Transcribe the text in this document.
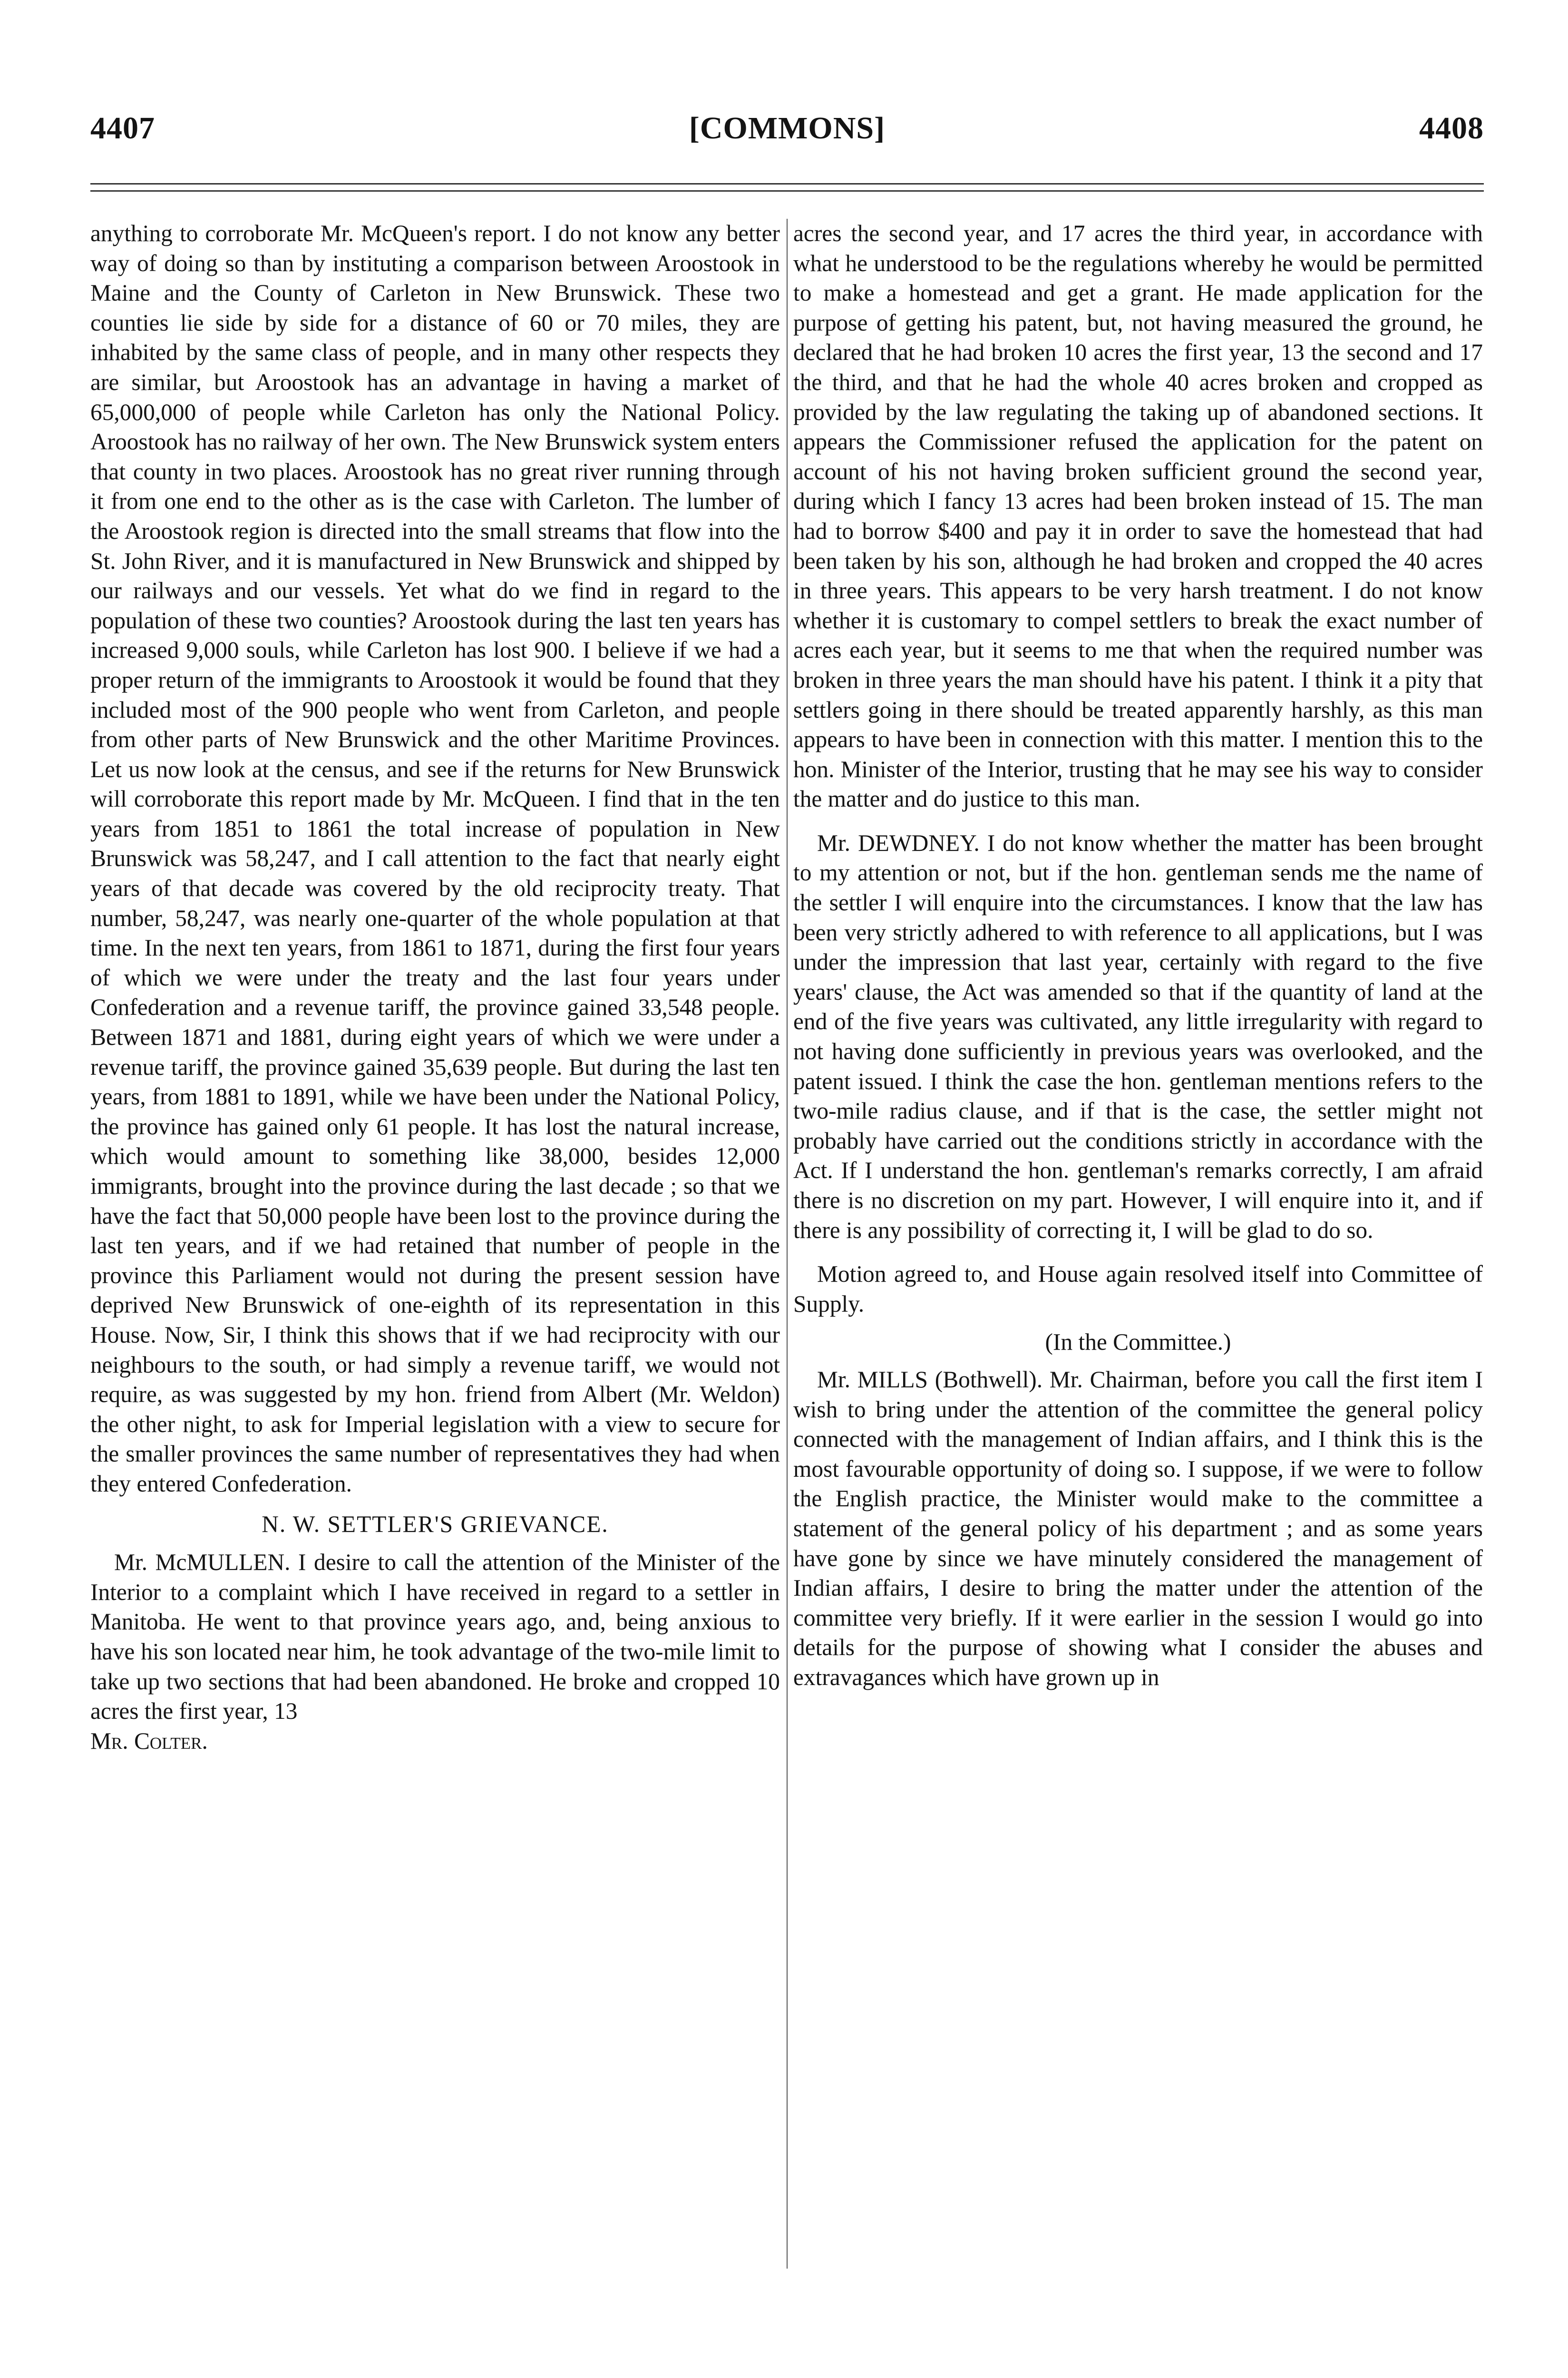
4407	[COMMONS]	4408

anything to corroborate Mr. McQueen's report. I do not know any better way of doing so than by instituting a comparison between Aroostook in Maine and the County of Carleton in New Brunswick. These two counties lie side by side for a distance of 60 or 70 miles, they are inhabited by the same class of people, and in many other respects they are similar, but Aroostook has an advantage in having a market of 65,000,000 of people while Carleton has only the National Policy. Aroostook has no railway of her own. The New Brunswick system enters that county in two places. Aroostook has no great river running through it from one end to the other as is the case with Carleton. The lumber of the Aroostook region is directed into the small streams that flow into the St. John River, and it is manufactured in New Brunswick and shipped by our railways and our vessels. Yet what do we find in regard to the population of these two counties? Aroostook during the last ten years has increased 9,000 souls, while Carleton has lost 900. I believe if we had a proper return of the immigrants to Aroostook it would be found that they included most of the 900 people who went from Carleton, and people from other parts of New Brunswick and the other Maritime Provinces. Let us now look at the census, and see if the returns for New Brunswick will corroborate this report made by Mr. McQueen. I find that in the ten years from 1851 to 1861 the total increase of population in New Brunswick was 58,247, and I call attention to the fact that nearly eight years of that decade was covered by the old reciprocity treaty. That number, 58,247, was nearly one-quarter of the whole population at that time. In the next ten years, from 1861 to 1871, during the first four years of which we were under the treaty and the last four years under Confederation and a revenue tariff, the province gained 33,548 people. Between 1871 and 1881, during eight years of which we were under a revenue tariff, the province gained 35,639 people. But during the last ten years, from 1881 to 1891, while we have been under the National Policy, the province has gained only 61 people. It has lost the natural increase, which would amount to something like 38,000, besides 12,000 immigrants, brought into the province during the last decade ; so that we have the fact that 50,000 people have been lost to the province during the last ten years, and if we had retained that number of people in the province this Parliament would not during the present session have deprived New Brunswick of one-eighth of its representation in this House. Now, Sir, I think this shows that if we had reciprocity with our neighbours to the south, or had simply a revenue tariff, we would not require, as was suggested by my hon. friend from Albert (Mr. Weldon) the other night, to ask for Imperial legislation with a view to secure for the smaller provinces the same number of representatives they had when they entered Confederation.

N. W. SETTLER'S GRIEVANCE.

Mr. McMULLEN. I desire to call the attention of the Minister of the Interior to a complaint which I have received in regard to a settler in Manitoba. He went to that province years ago, and, being anxious to have his son located near him, he took advantage of the two-mile limit to take up two sections that had been abandoned. He broke and cropped 10 acres the first year, 13

Mr. Colter.

acres the second year, and 17 acres the third year, in accordance with what he understood to be the regulations whereby he would be permitted to make a homestead and get a grant. He made application for the purpose of getting his patent, but, not having measured the ground, he declared that he had broken 10 acres the first year, 13 the second and 17 the third, and that he had the whole 40 acres broken and cropped as provided by the law regulating the taking up of abandoned sections. It appears the Commissioner refused the application for the patent on account of his not having broken sufficient ground the second year, during which I fancy 13 acres had been broken instead of 15. The man had to borrow $400 and pay it in order to save the homestead that had been taken by his son, although he had broken and cropped the 40 acres in three years. This appears to be very harsh treatment. I do not know whether it is customary to compel settlers to break the exact number of acres each year, but it seems to me that when the required number was broken in three years the man should have his patent. I think it a pity that settlers going in there should be treated apparently harshly, as this man appears to have been in connection with this matter. I mention this to the hon. Minister of the Interior, trusting that he may see his way to consider the matter and do justice to this man.

Mr. DEWDNEY. I do not know whether the matter has been brought to my attention or not, but if the hon. gentleman sends me the name of the settler I will enquire into the circumstances. I know that the law has been very strictly adhered to with reference to all applications, but I was under the impression that last year, certainly with regard to the five years' clause, the Act was amended so that if the quantity of land at the end of the five years was cultivated, any little irregularity with regard to not having done sufficiently in previous years was overlooked, and the patent issued. I think the case the hon. gentleman mentions refers to the two-mile radius clause, and if that is the case, the settler might not probably have carried out the conditions strictly in accordance with the Act. If I understand the hon. gentleman's remarks correctly, I am afraid there is no discretion on my part. However, I will enquire into it, and if there is any possibility of correcting it, I will be glad to do so.

Motion agreed to, and House again resolved itself into Committee of Supply.

(In the Committee.)

Mr. MILLS (Bothwell). Mr. Chairman, before you call the first item I wish to bring under the attention of the committee the general policy connected with the management of Indian affairs, and I think this is the most favourable opportunity of doing so. I suppose, if we were to follow the English practice, the Minister would make to the committee a statement of the general policy of his department ; and as some years have gone by since we have minutely considered the management of Indian affairs, I desire to bring the matter under the attention of the committee very briefly. If it were earlier in the session I would go into details for the purpose of showing what I consider the abuses and extravagances which have grown up in
